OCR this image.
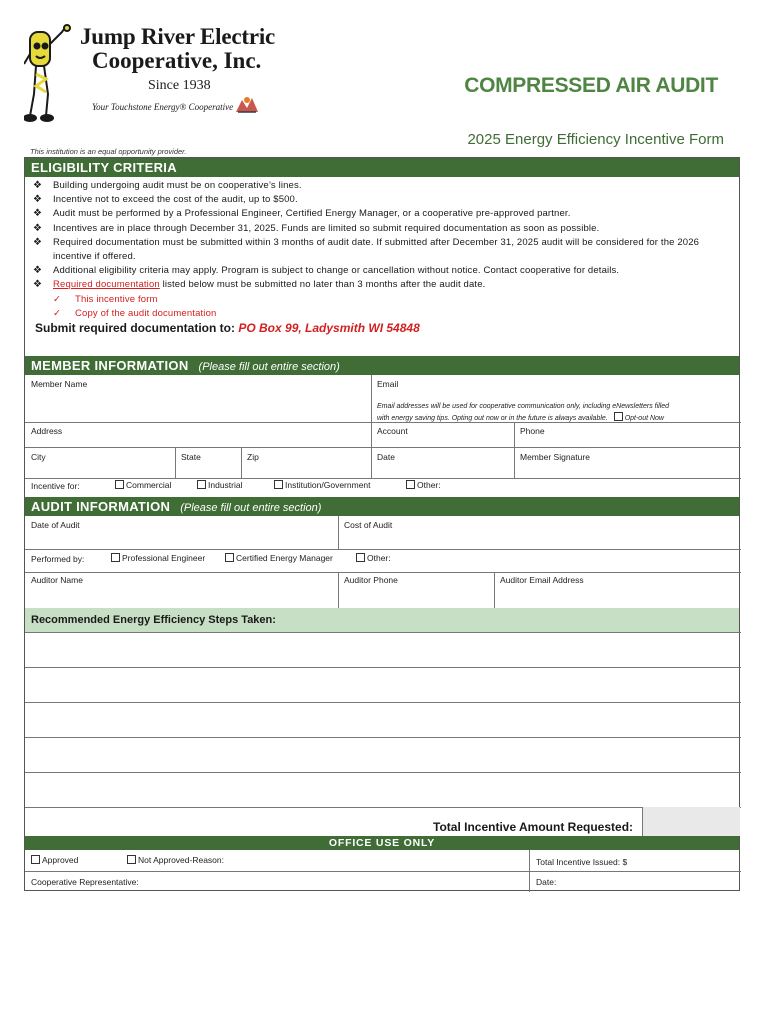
Jump River Electric
Cooperative, Inc.
Since 1938
Your Touchstone Energy® Cooperative
COMPRESSED AIR AUDIT
2025 Energy Efficiency Incentive Form
This institution is an equal opportunity provider.
ELIGIBILITY CRITERIA
❖	Building undergoing audit must be on cooperative’s lines.
❖	Incentive not to exceed the cost of the audit, up to $500.
❖	Audit must be performed by a Professional Engineer, Certified Energy Manager, or a cooperative pre-approved partner.
❖	Incentives are in place through December 31, 2025. Funds are limited so submit required documentation as soon as possible.
❖	Required documentation must be submitted within 3 months of audit date. If submitted after December 31, 2025 audit will be considered for the 2026 incentive if offered.
❖	Additional eligibility criteria may apply. Program is subject to change or cancellation without notice. Contact cooperative for details.
❖	Required documentation listed below must be submitted no later than 3 months after the audit date.
✓	This incentive form
✓	Copy of the audit documentation
Submit required documentation to: PO Box 99, Ladysmith WI 54848
MEMBER INFORMATION (Please fill out entire section)
Member Name	Email
Email addresses will be used for cooperative communication only, including eNewsletters filled
with energy saving tips. Opting out now or in the future is always available. Opt-out Now
Address	Account	Phone
City	State	Zip	Date	Member Signature
Incentive for:	Commercial	Industrial	Institution/Government	Other:
AUDIT INFORMATION (Please fill out entire section)
Date of Audit	Cost of Audit
Performed by:	Professional Engineer	Certified Energy Manager	Other:
Auditor Name	Auditor Phone	Auditor Email Address
Recommended Energy Efficiency Steps Taken:
Total Incentive Amount Requested:
OFFICE USE ONLY
Approved	Not Approved-Reason:	Total Incentive Issued: $
Cooperative Representative:	Date:
